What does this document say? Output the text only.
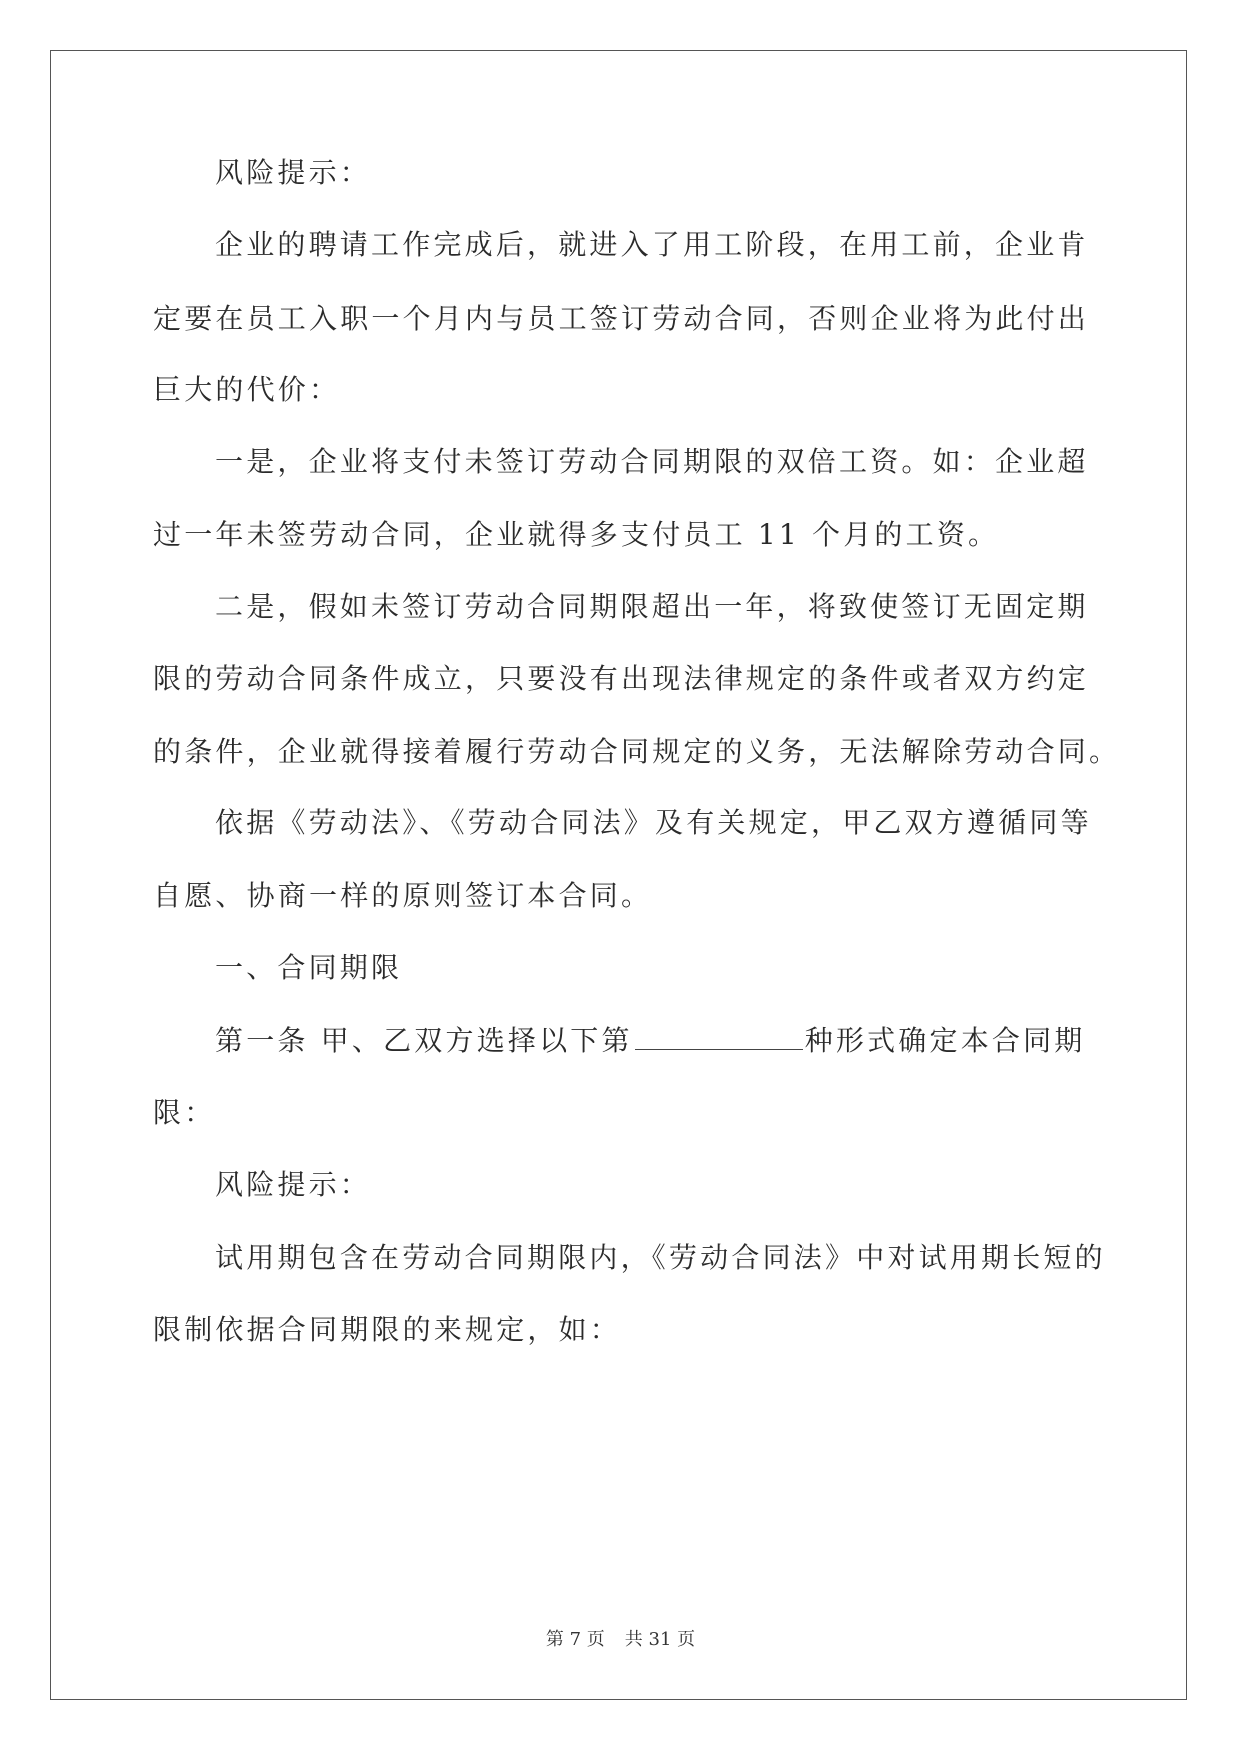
风险提示：
企业的聘请工作完成后，就进入了用工阶段，在用工前，企业肯
定要在员工入职一个月内与员工签订劳动合同，否则企业将为此付出
巨大的代价：
一是，企业将支付未签订劳动合同期限的双倍工资。如：企业超
过一年未签劳动合同，企业就得多支付员工 11 个月的工资。
二是，假如未签订劳动合同期限超出一年，将致使签订无固定期
限的劳动合同条件成立，只要没有出现法律规定的条件或者双方约定
的条件，企业就得接着履行劳动合同规定的义务，无法解除劳动合同。
依据《劳动法》、《劳动合同法》及有关规定，甲乙双方遵循同等
自愿、协商一样的原则签订本合同。
一、合同期限
第一条 甲、乙双方选择以下第	种形式确定本合同期
限：
风险提示：
试用期包含在劳动合同期限内，《劳动合同法》中对试用期长短的
限制依据合同期限的来规定，如：
第 7 页 共 31 页
